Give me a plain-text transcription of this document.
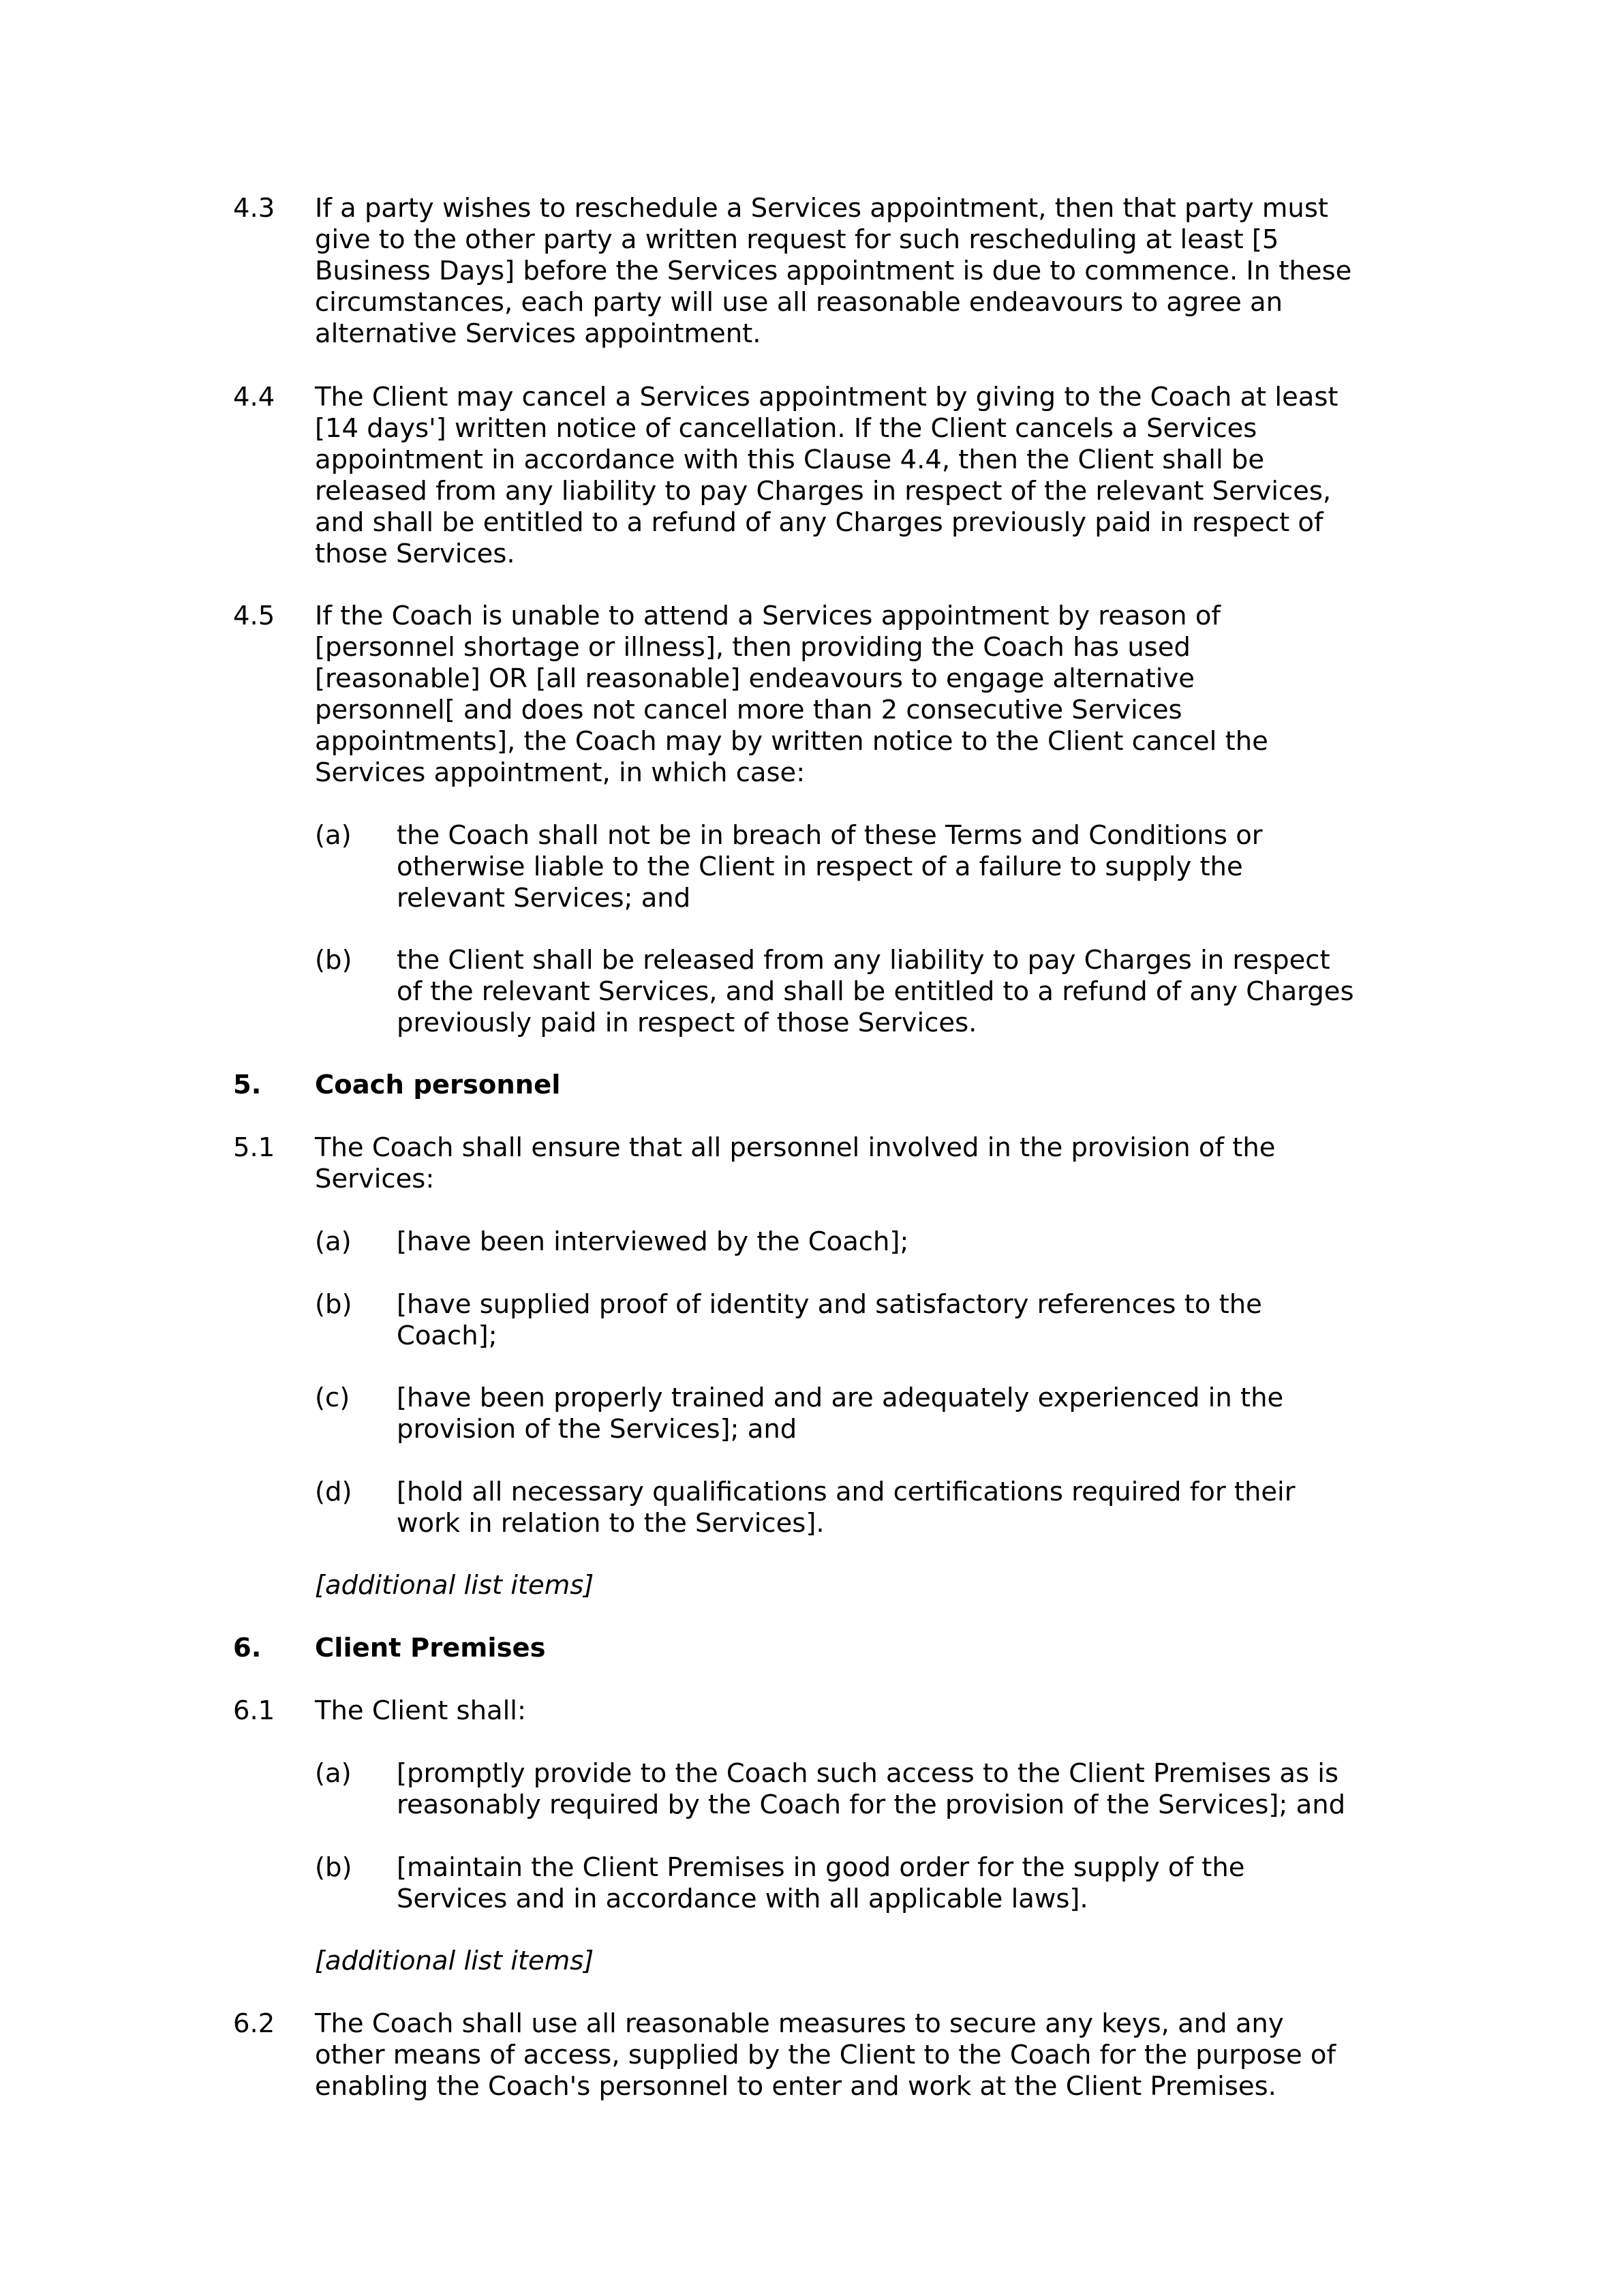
4.3 If a party wishes to reschedule a Services appointment, then that party must
give to the other party a written request for such rescheduling at least [5
Business Days] before the Services appointment is due to commence. In these
circumstances, each party will use all reasonable endeavours to agree an
alternative Services appointment.
4.4 The Client may cancel a Services appointment by giving to the Coach at least
[14 days'] written notice of cancellation. If the Client cancels a Services
appointment in accordance with this Clause 4.4, then the Client shall be
released from any liability to pay Charges in respect of the relevant Services,
and shall be entitled to a refund of any Charges previously paid in respect of
those Services.
4.5 If the Coach is unable to attend a Services appointment by reason of
[personnel shortage or illness], then providing the Coach has used
[reasonable] OR [all reasonable] endeavours to engage alternative
personnel[ and does not cancel more than 2 consecutive Services
appointments], the Coach may by written notice to the Client cancel the
Services appointment, in which case:
(a) the Coach shall not be in breach of these Terms and Conditions or
otherwise liable to the Client in respect of a failure to supply the
relevant Services; and
(b) the Client shall be released from any liability to pay Charges in respect
of the relevant Services, and shall be entitled to a refund of any Charges
previously paid in respect of those Services.
5. Coach personnel
5.1 The Coach shall ensure that all personnel involved in the provision of the
Services:
(a) [have been interviewed by the Coach];
(b) [have supplied proof of identity and satisfactory references to the
Coach];
(c) [have been properly trained and are adequately experienced in the
provision of the Services]; and
(d) [hold all necessary qualifications and certifications required for their
work in relation to the Services].
[additional list items]
6. Client Premises
6.1 The Client shall:
(a) [promptly provide to the Coach such access to the Client Premises as is
reasonably required by the Coach for the provision of the Services]; and
(b) [maintain the Client Premises in good order for the supply of the
Services and in accordance with all applicable laws].
[additional list items]
6.2 The Coach shall use all reasonable measures to secure any keys, and any
other means of access, supplied by the Client to the Coach for the purpose of
enabling the Coach's personnel to enter and work at the Client Premises.
